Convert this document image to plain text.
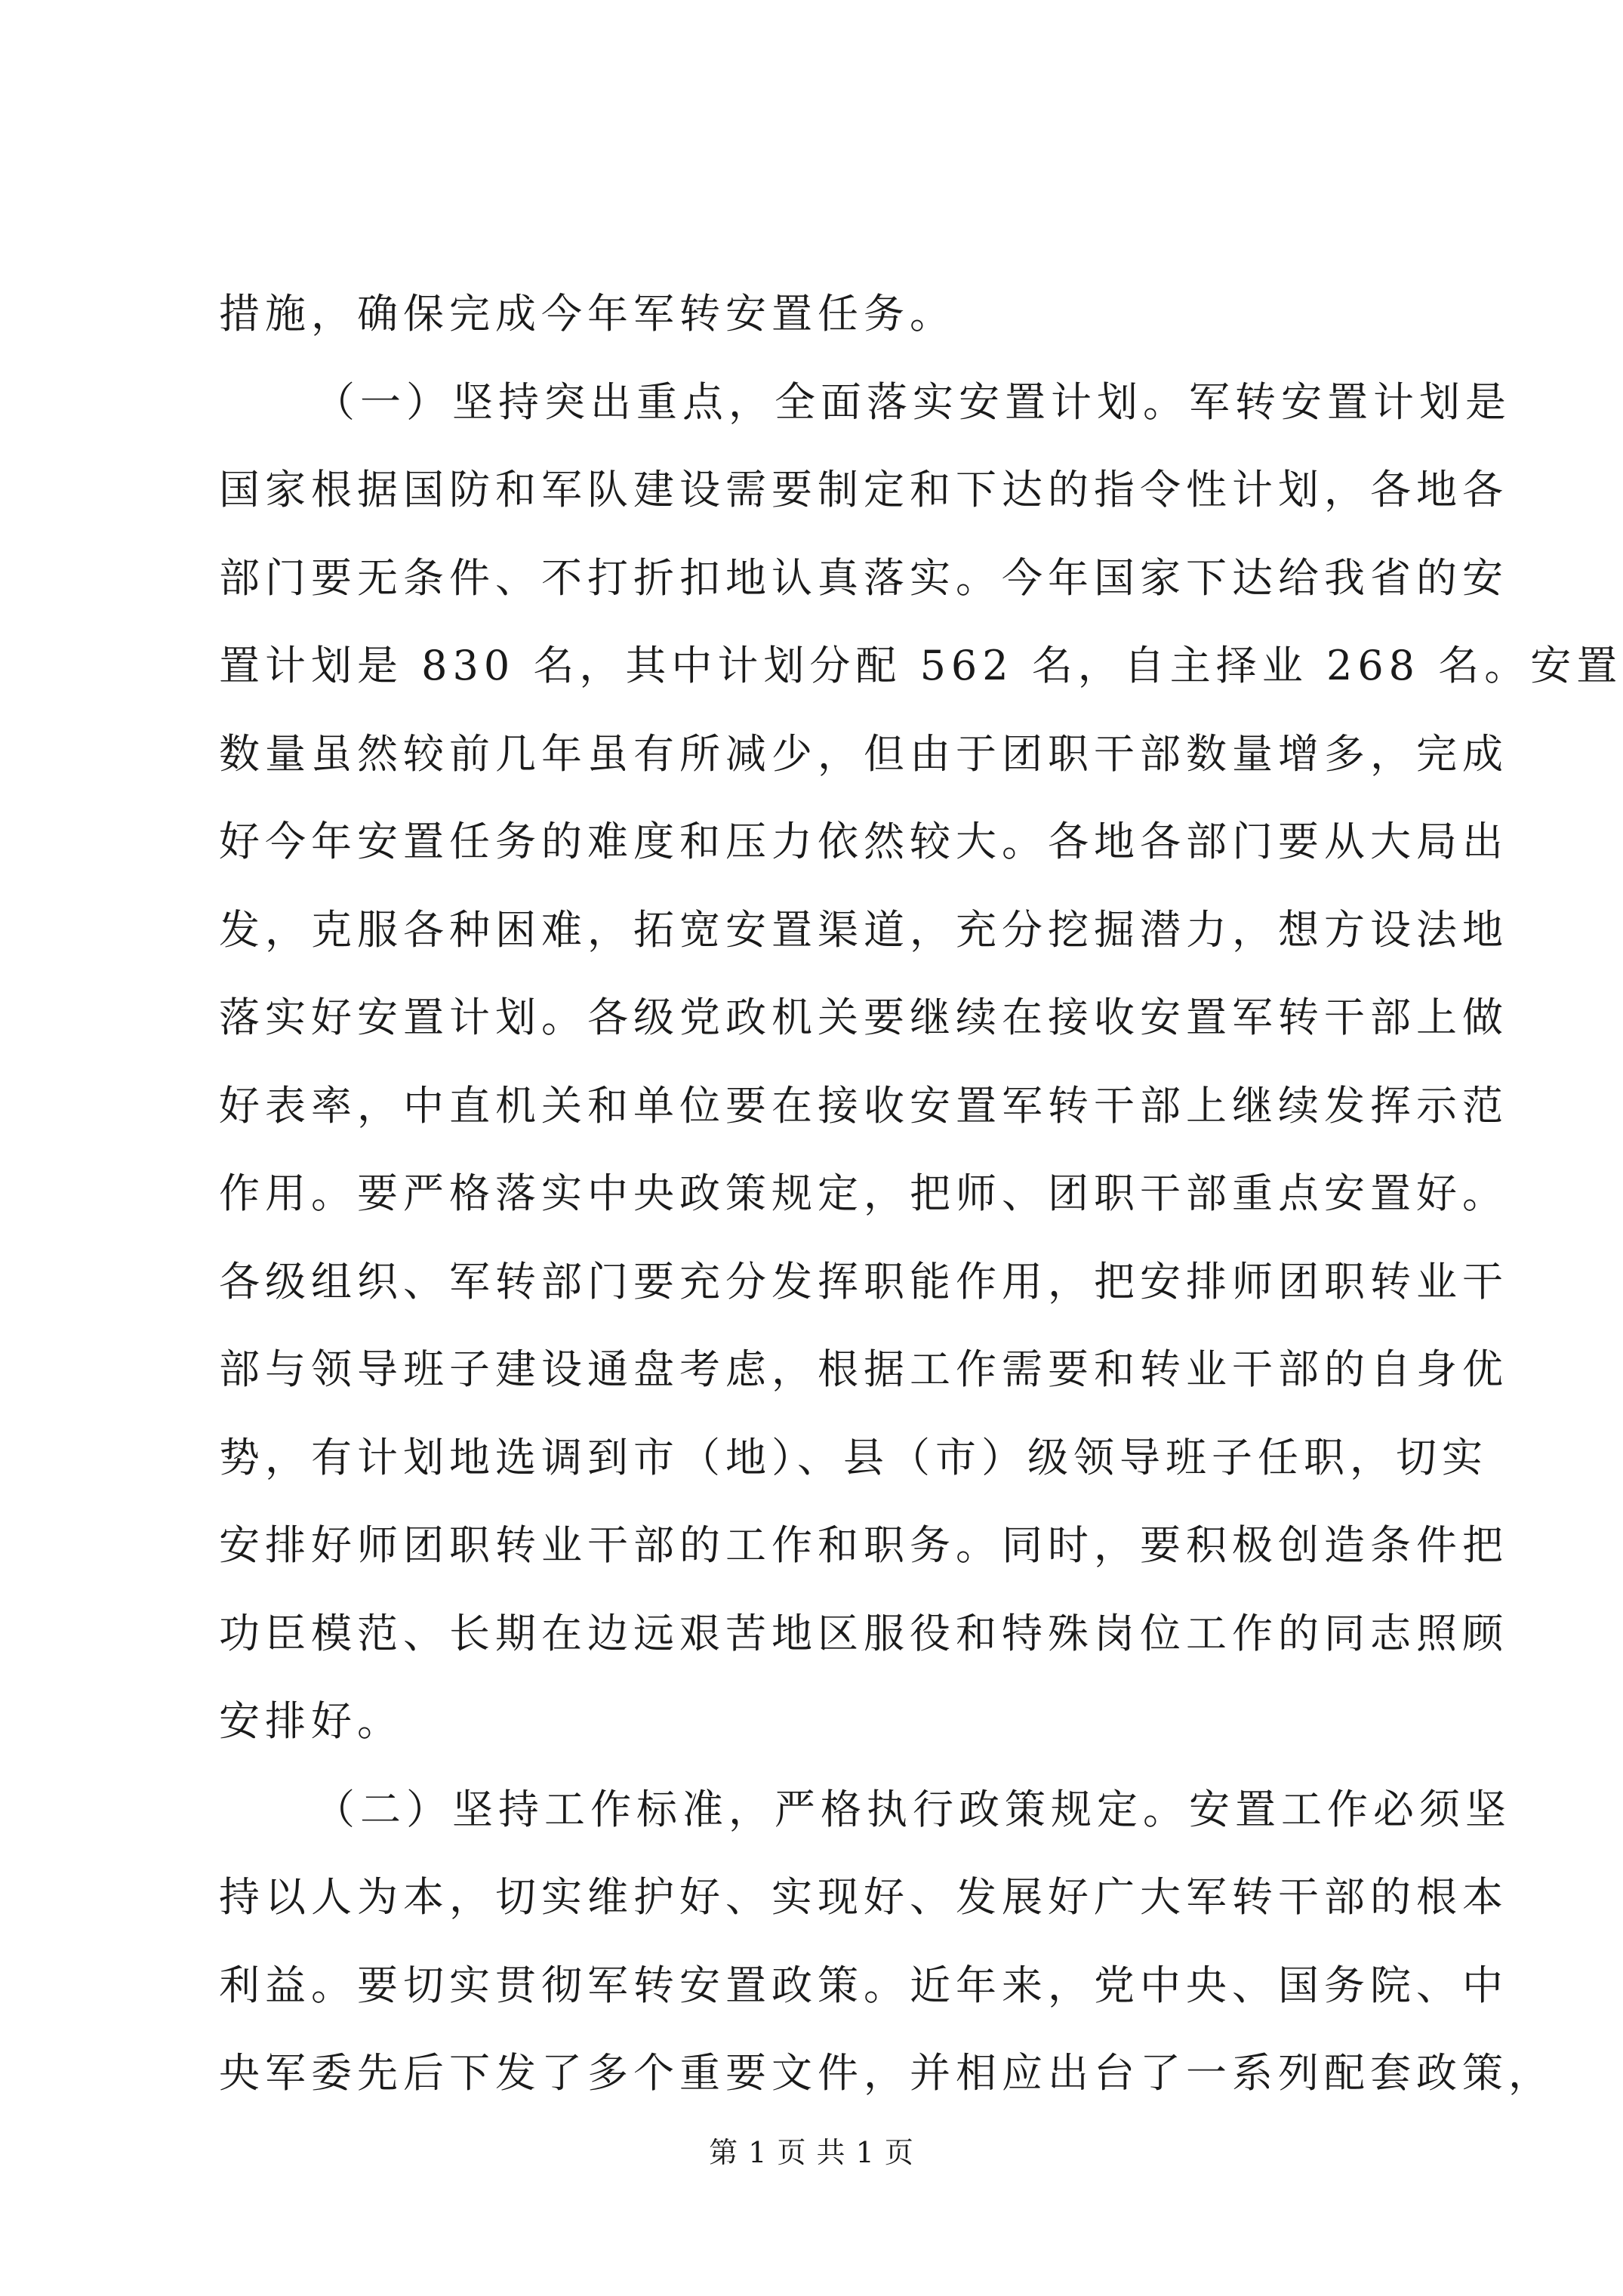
措施，确保完成今年军转安置任务。
（一）坚持突出重点，全面落实安置计划。军转安置计划是
国家根据国防和军队建设需要制定和下达的指令性计划，各地各
部门要无条件、不打折扣地认真落实。今年国家下达给我省的安
置计划是 830 名，其中计划分配 562 名，自主择业 268 名。安置
数量虽然较前几年虽有所减少，但由于团职干部数量增多，完成
好今年安置任务的难度和压力依然较大。各地各部门要从大局出
发，克服各种困难，拓宽安置渠道，充分挖掘潜力，想方设法地
落实好安置计划。各级党政机关要继续在接收安置军转干部上做
好表率，中直机关和单位要在接收安置军转干部上继续发挥示范
作用。要严格落实中央政策规定，把师、团职干部重点安置好。
各级组织、军转部门要充分发挥职能作用，把安排师团职转业干
部与领导班子建设通盘考虑，根据工作需要和转业干部的自身优
势，有计划地选调到市（地）、县（市）级领导班子任职，切实
安排好师团职转业干部的工作和职务。同时，要积极创造条件把
功臣模范、长期在边远艰苦地区服役和特殊岗位工作的同志照顾
安排好。
（二）坚持工作标准，严格执行政策规定。安置工作必须坚
持以人为本，切实维护好、实现好、发展好广大军转干部的根本
利益。要切实贯彻军转安置政策。近年来，党中央、国务院、中
央军委先后下发了多个重要文件，并相应出台了一系列配套政策，
第 1 页 共 1 页
